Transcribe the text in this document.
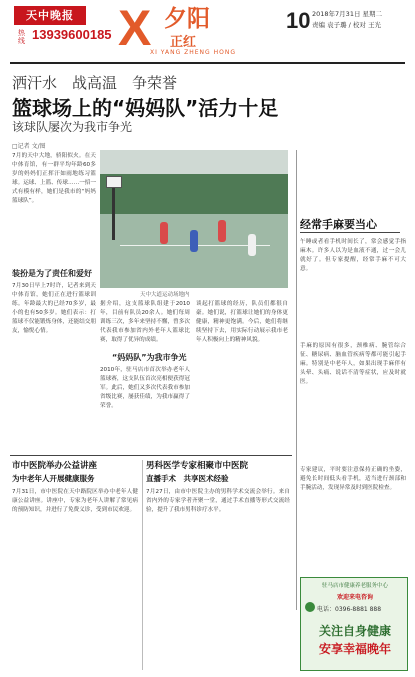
天中晚报
热线 13939600185 X 夕阳
正红
XI YANG ZHENG HONG
10 2018年7月31日 星期二
责编 袁子璐 / 校对 王光
洒汗水　战高温　争荣誉
篮球场上的“妈妈队”活力十足
该球队屡次为我市争光
□记者 文/图
7月的天中大地，骄阳似火。在天中体育馆，有一群平均年龄60多岁的妈妈们正挥汗如雨地练习篮球。运球、上篮、传球……一招一式有模有样，她们是我市的“妈妈篮球队”。
装扮是为了责任和爱好
7月30日早上7时许，记者来到天中体育馆，她们正在进行篮球训练。年龄最大的已经70多岁，最小的也有50多岁。她们表示：打篮球不仅能锻炼身体，还能结交朋友，愉悦心情。
天中大道运动场地内
据介绍，这支篮球队组建于2010年，目前有队员20余人。她们每周训练三次，多年来坚持不懈，曾多次代表我市参加省内外老年人篮球比赛，取得了优异的成绩。
“妈妈队”为我市争光
2010年，驻马店市首次举办老年人篮球赛，这支队伍首次亮相便获得冠军。此后，她们又多次代表我市参加省级比赛，屡获佳绩，为我市赢得了荣誉。
谈起打篮球的经历，队员们都很自豪。她们说，打篮球让她们的身体更健康，精神更饱满。今后，她们将继续坚持下去，用实际行动展示我市老年人积极向上的精神风貌。
经常手麻要当心
午睡或者看手机时间长了，常会感觉手指麻木。许多人以为是血液不通，过一会儿就好了。但专家提醒，经常手麻不可大意。
手麻的原因有很多，颈椎病、腕管综合征、糖尿病、脑血管疾病等都可能引起手麻。特别是中老年人，如果出现手麻伴有头晕、头痛、说话不清等症状，应及时就医。
专家建议，平时要注意保持正确的坐姿，避免长时间低头看手机，适当进行颈部和手腕活动，发现异常及时到医院检查。
驻马店市健康养老服务中心
欢迎来电咨询
电话：0396-8881 888
关注自身健康
安享幸福晚年
市中医院举办公益讲座
为中老年人开展健康服务
7月31日，市中医院在天中路院区举办中老年人健康公益讲座。讲座中，专家为老年人讲解了常见病的预防知识，并进行了免费义诊，受到市民欢迎。
男科医学专家相聚市中医院
直播手术　共享医术经验
7月27日，由市中医院主办的男科学术交流会举行。来自省内外的专家学者齐聚一堂，通过手术直播等形式交流经验，提升了我市男科诊疗水平。
